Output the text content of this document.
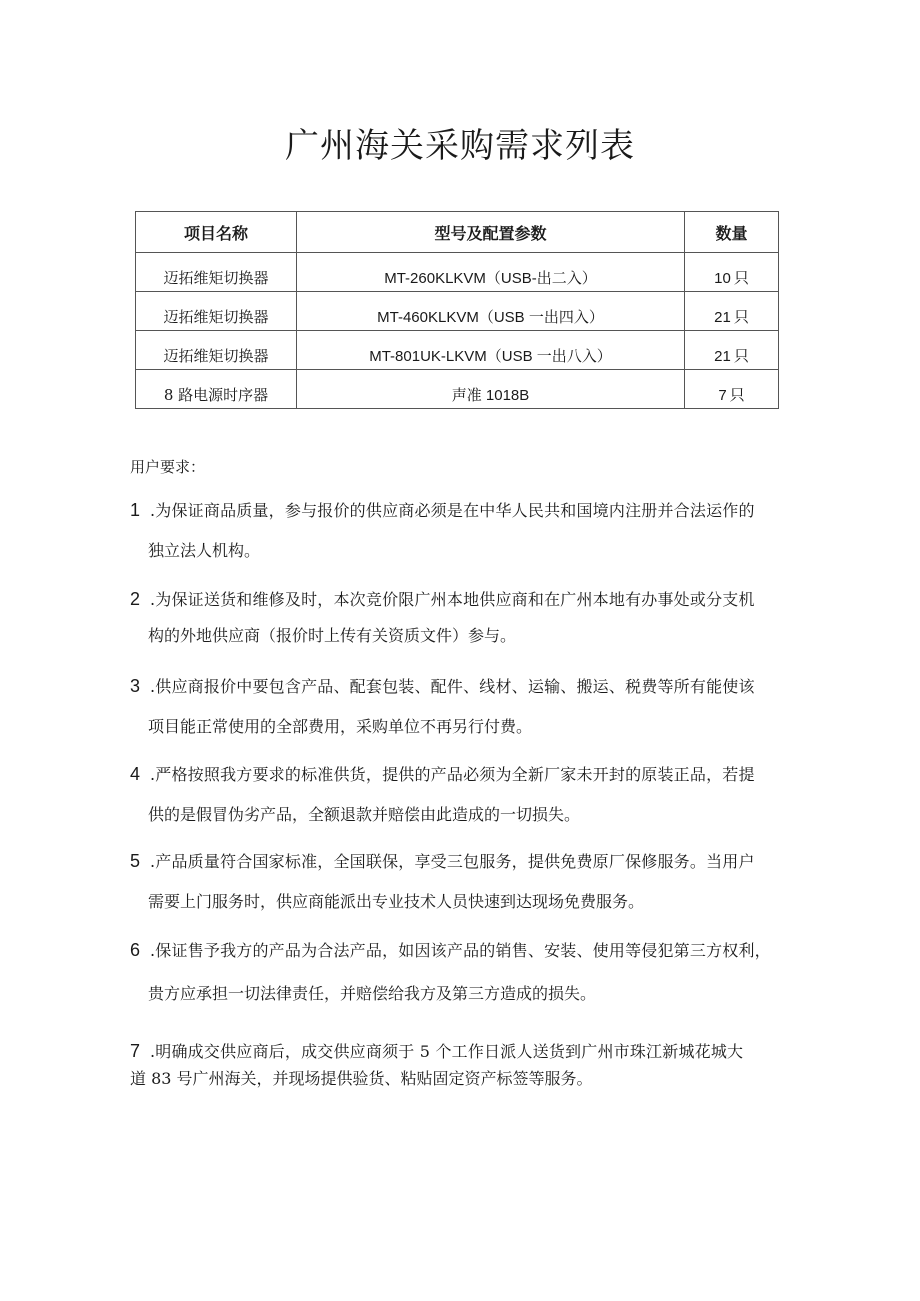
广州海关采购需求列表
项目名称	型号及配置参数	数量
迈拓维矩切换器	MT-260KLKVM（USB-出二入）	10 只
迈拓维矩切换器	MT-460KLKVM（USB 一出四入）	21 只
迈拓维矩切换器	MT-801UK-LKVM（USB 一出八入）	21 只
8 路电源时序器	声准 1018B	7 只

用户要求：

1 .为保证商品质量，参与报价的供应商必须是在中华人民共和国境内注册并合法运作的
独立法人机构。
2 .为保证送货和维修及时，本次竞价限广州本地供应商和在广州本地有办事处或分支机
构的外地供应商（报价时上传有关资质文件）参与。
3 .供应商报价中要包含产品、配套包装、配件、线材、运输、搬运、税费等所有能使该
项目能正常使用的全部费用，采购单位不再另行付费。
4 .严格按照我方要求的标准供货，提供的产品必须为全新厂家未开封的原装正品，若提
供的是假冒伪劣产品，全额退款并赔偿由此造成的一切损失。
5 .产品质量符合国家标准，全国联保，享受三包服务，提供免费原厂保修服务。当用户
需要上门服务时，供应商能派出专业技术人员快速到达现场免费服务。
6 .保证售予我方的产品为合法产品，如因该产品的销售、安装、使用等侵犯第三方权利，
贵方应承担一切法律责任，并赔偿给我方及第三方造成的损失。
7 .明确成交供应商后，成交供应商须于 5 个工作日派人送货到广州市珠江新城花城大
道 83 号广州海关，并现场提供验货、粘贴固定资产标签等服务。
